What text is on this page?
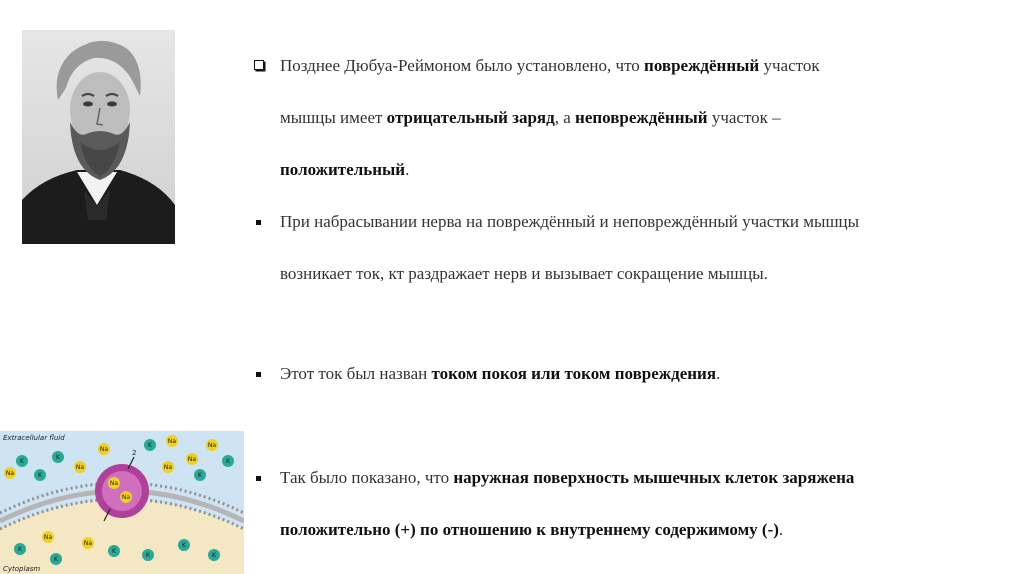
K
Na	K
K
Na
Na
K
Na
Na
Na
K
Na
K
K
Na
K
Na
K
K
K
K
Na
Na
2
Extracellular fluid
Cytoplasm
Позднее Дюбуа-Реймоном было установлено, что повреждённый участок
мышцы имеет отрицательный заряд, а неповреждённый участок –
положительный.
При набрасывании нерва на повреждённый и неповреждённый участки мышцы
возникает ток, кт раздражает нерв и вызывает сокращение мышцы.
Этот ток был назван током покоя или током повреждения.
Так было показано, что наружная поверхность мышечных клеток заряжена
положительно (+) по отношению к внутреннему содержимому (-).
